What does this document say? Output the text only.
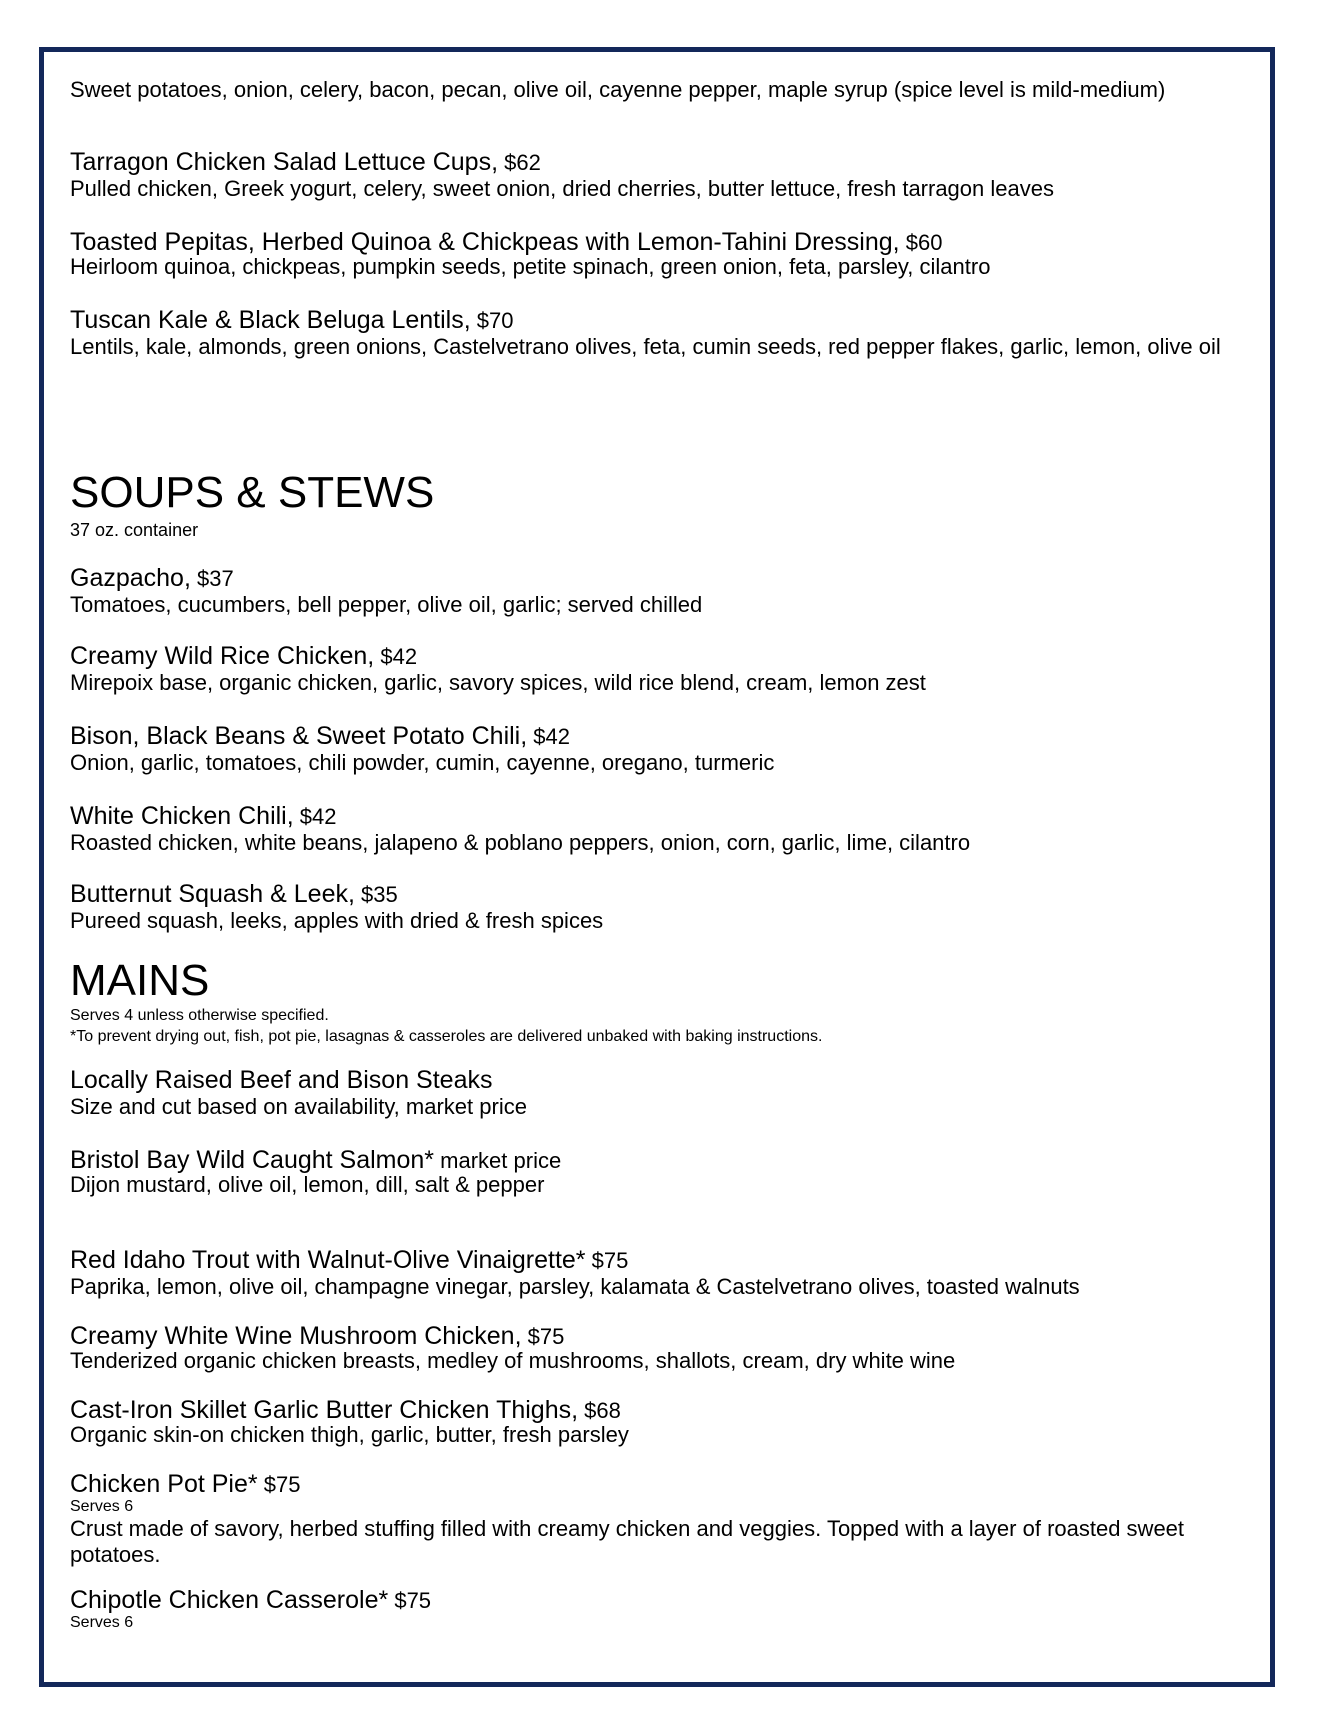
Sweet potatoes, onion, celery, bacon, pecan, olive oil, cayenne pepper, maple syrup (spice level is mild-medium)
Tarragon Chicken Salad Lettuce Cups, $62
Pulled chicken, Greek yogurt, celery, sweet onion, dried cherries, butter lettuce, fresh tarragon leaves
Toasted Pepitas, Herbed Quinoa & Chickpeas with Lemon-Tahini Dressing, $60
Heirloom quinoa, chickpeas, pumpkin seeds, petite spinach, green onion, feta, parsley, cilantro
Tuscan Kale & Black Beluga Lentils, $70
Lentils, kale, almonds, green onions, Castelvetrano olives, feta, cumin seeds, red pepper flakes, garlic, lemon, olive oil
SOUPS & STEWS
37 oz. container
Gazpacho, $37
Tomatoes, cucumbers, bell pepper, olive oil, garlic; served chilled
Creamy Wild Rice Chicken, $42
Mirepoix base, organic chicken, garlic, savory spices, wild rice blend, cream, lemon zest
Bison, Black Beans & Sweet Potato Chili, $42
Onion, garlic, tomatoes, chili powder, cumin, cayenne, oregano, turmeric
White Chicken Chili, $42
Roasted chicken, white beans, jalapeno & poblano peppers, onion, corn, garlic, lime, cilantro
Butternut Squash & Leek, $35
Pureed squash, leeks, apples with dried & fresh spices
MAINS
Serves 4 unless otherwise specified.
*To prevent drying out, fish, pot pie, lasagnas & casseroles are delivered unbaked with baking instructions.
Locally Raised Beef and Bison Steaks
Size and cut based on availability, market price
Bristol Bay Wild Caught Salmon* market price
Dijon mustard, olive oil, lemon, dill, salt & pepper
Red Idaho Trout with Walnut-Olive Vinaigrette* $75
Paprika, lemon, olive oil, champagne vinegar, parsley, kalamata & Castelvetrano olives, toasted walnuts
Creamy White Wine Mushroom Chicken, $75
Tenderized organic chicken breasts, medley of mushrooms, shallots, cream, dry white wine
Cast-Iron Skillet Garlic Butter Chicken Thighs, $68
Organic skin-on chicken thigh, garlic, butter, fresh parsley
Chicken Pot Pie* $75
Serves 6
Crust made of savory, herbed stuffing filled with creamy chicken and veggies. Topped with a layer of roasted sweet potatoes.
Chipotle Chicken Casserole* $75
Serves 6
